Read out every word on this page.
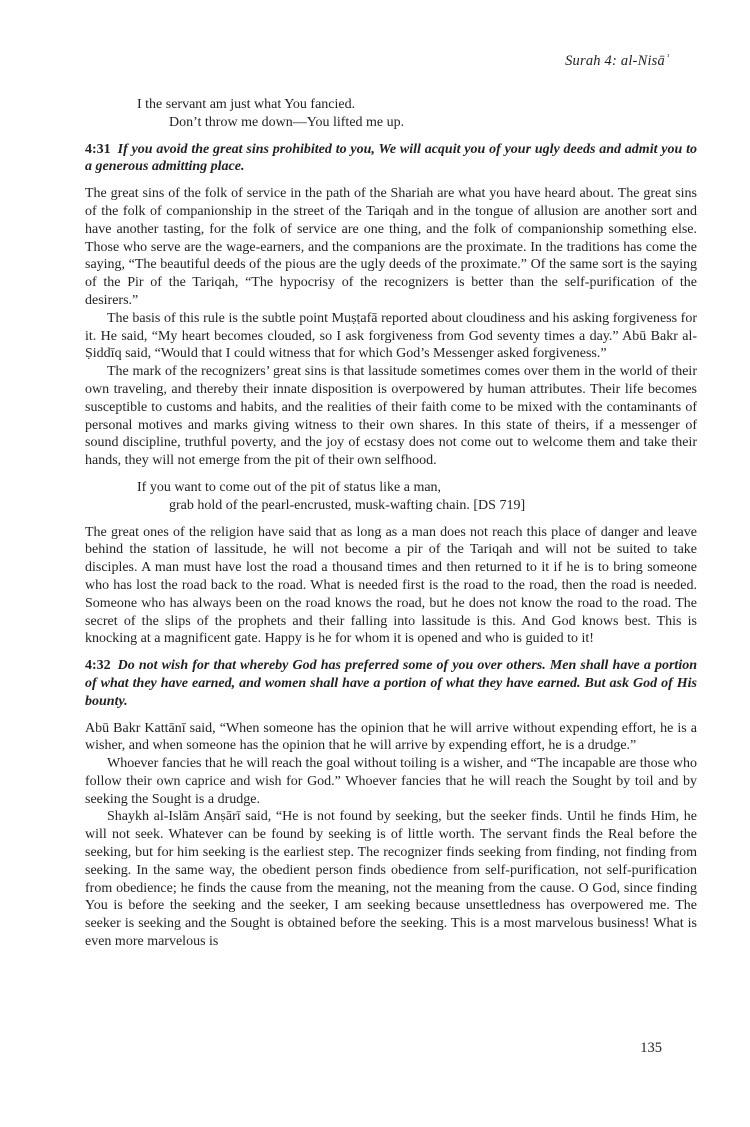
Surah 4: al-Nisāʾ
I the servant am just what You fancied.
Don’t throw me down—You lifted me up.

4:31 If you avoid the great sins prohibited to you, We will acquit you of your ugly deeds and admit you to a generous admitting place.

The great sins of the folk of service in the path of the Shariah are what you have heard about. The great sins of the folk of companionship in the street of the Tariqah and in the tongue of allusion are another sort and have another tasting, for the folk of service are one thing, and the folk of companionship something else. Those who serve are the wage-earners, and the companions are the proximate. In the traditions has come the saying, “The beautiful deeds of the pious are the ugly deeds of the proximate.” Of the same sort is the saying of the Pir of the Tariqah, “The hypocrisy of the recognizers is better than the self-purification of the desirers.”

The basis of this rule is the subtle point Muṣṭafā reported about cloudiness and his asking forgiveness for it. He said, “My heart becomes clouded, so I ask forgiveness from God seventy times a day.” Abū Bakr al-Ṣiddīq said, “Would that I could witness that for which God’s Messenger asked forgiveness.”

The mark of the recognizers’ great sins is that lassitude sometimes comes over them in the world of their own traveling, and thereby their innate disposition is overpowered by human attributes. Their life becomes susceptible to customs and habits, and the realities of their faith come to be mixed with the contaminants of personal motives and marks giving witness to their own shares. In this state of theirs, if a messenger of sound discipline, truthful poverty, and the joy of ecstasy does not come out to welcome them and take their hands, they will not emerge from the pit of their own selfhood.

If you want to come out of the pit of status like a man,
grab hold of the pearl-encrusted, musk-wafting chain. [DS 719]

The great ones of the religion have said that as long as a man does not reach this place of danger and leave behind the station of lassitude, he will not become a pir of the Tariqah and will not be suited to take disciples. A man must have lost the road a thousand times and then returned to it if he is to bring someone who has lost the road back to the road. What is needed first is the road to the road, then the road is needed. Someone who has always been on the road knows the road, but he does not know the road to the road. The secret of the slips of the prophets and their falling into lassitude is this. And God knows best. This is knocking at a magnificent gate. Happy is he for whom it is opened and who is guided to it!

4:32 Do not wish for that whereby God has preferred some of you over others. Men shall have a portion of what they have earned, and women shall have a portion of what they have earned. But ask God of His bounty.

Abū Bakr Kattānī said, “When someone has the opinion that he will arrive without expending effort, he is a wisher, and when someone has the opinion that he will arrive by expending effort, he is a drudge.”

Whoever fancies that he will reach the goal without toiling is a wisher, and “The incapable are those who follow their own caprice and wish for God.” Whoever fancies that he will reach the Sought by toil and by seeking the Sought is a drudge.

Shaykh al-Islām Anṣārī said, “He is not found by seeking, but the seeker finds. Until he finds Him, he will not seek. Whatever can be found by seeking is of little worth. The servant finds the Real before the seeking, but for him seeking is the earliest step. The recognizer finds seeking from finding, not finding from seeking. In the same way, the obedient person finds obedience from self-purification, not self-purification from obedience; he finds the cause from the meaning, not the meaning from the cause. O God, since finding You is before the seeking and the seeker, I am seeking because unsettledness has overpowered me. The seeker is seeking and the Sought is obtained before the seeking. This is a most marvelous business! What is even more marvelous is

135
